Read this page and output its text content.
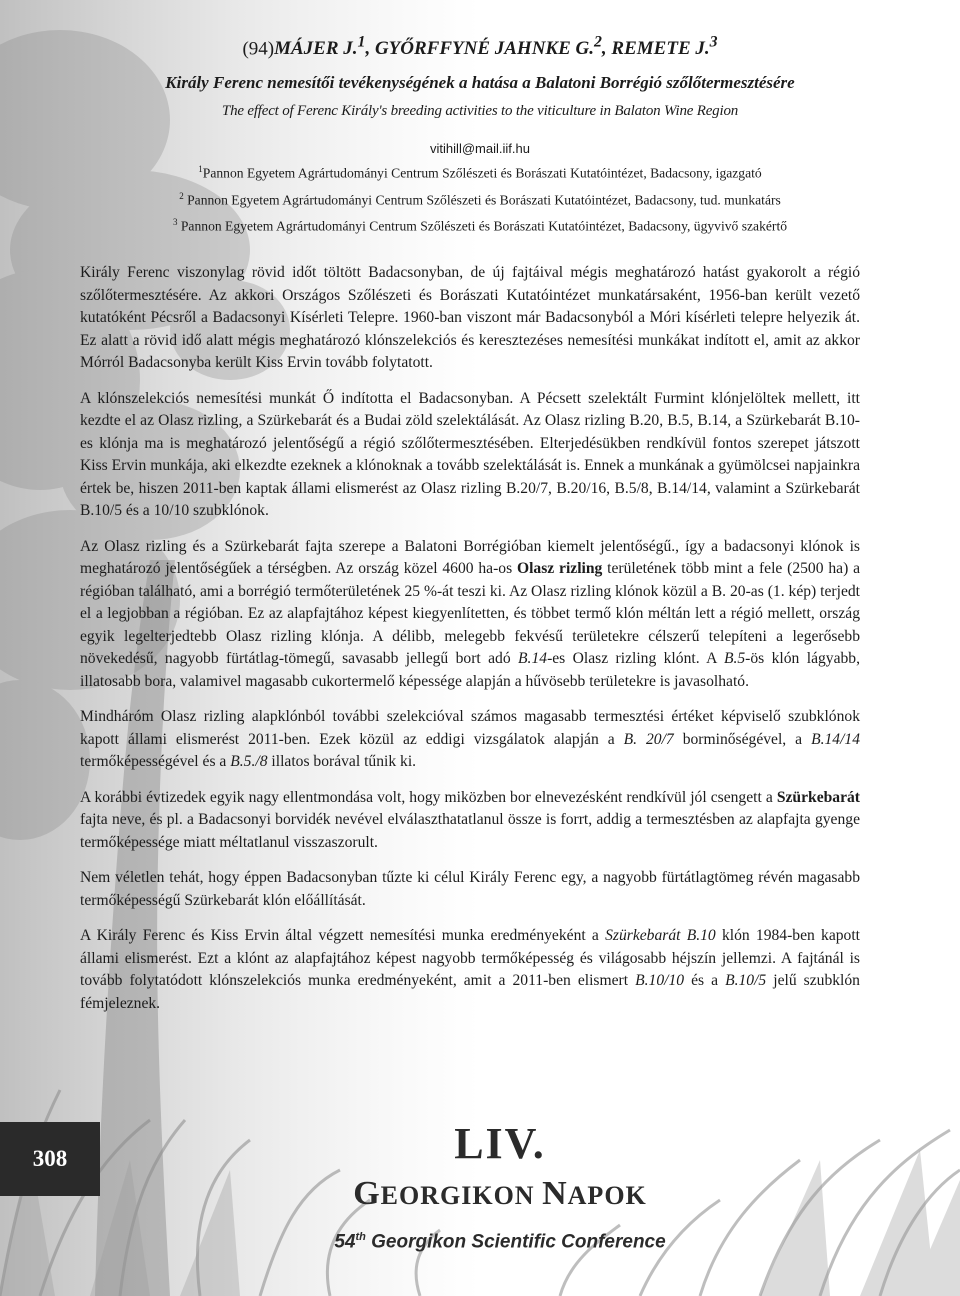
(94)MÁJER J.$^1$, GYŐRFFYNÉ JAHNKE G.$^2$, REMETE J.$^3$
Király Ferenc nemesítői tevékenységének a hatása a Balatoni Borrégió szőlőtermesztésére
The effect of Ferenc Király's breeding activities to the viticulture in Balaton Wine Region
vitihill@mail.iif.hu
$^1$Pannon Egyetem Agrártudományi Centrum Szőlészeti és Borászati Kutatóintézet, Badacsony, igazgató
$^2$ Pannon Egyetem Agrártudományi Centrum Szőlészeti és Borászati Kutatóintézet, Badacsony, tud. munkatárs
$^3$ Pannon Egyetem Agrártudományi Centrum Szőlészeti és Borászati Kutatóintézet, Badacsony, ügyvivő szakértő

Király Ferenc viszonylag rövid időt töltött Badacsonyban, de új fajtáival mégis meghatározó hatást gyakorolt a régió szőlőtermesztésére. Az akkori Országos Szőlészeti és Borászati Kutatóintézet munkatársaként, 1956-ban került vezető kutatóként Pécsről a Badacsonyi Kísérleti Telepre. 1960-ban viszont már Badacsonyból a Móri kísérleti telepre helyezik át. Ez alatt a rövid idő alatt mégis meghatározó klónszelekciós és keresztezéses nemesítési munkákat indított el, amit az akkor Mórról Badacsonyba került Kiss Ervin tovább folytatott.

A klónszelekciós nemesítési munkát Ő indította el Badacsonyban. A Pécsett szelektált Furmint klónjelöltek mellett, itt kezdte el az Olasz rizling, a Szürkebarát és a Budai zöld szelektálását. Az Olasz rizling B.20, B.5, B.14, a Szürkebarát B.10-es klónja ma is meghatározó jelentőségű a régió szőlőtermesztésében. Elterjedésükben rendkívül fontos szerepet játszott Kiss Ervin munkája, aki elkezdte ezeknek a klónoknak a tovább szelektálását is. Ennek a munkának a gyümölcsei napjainkra értek be, hiszen 2011-ben kaptak állami elismerést az Olasz rizling B.20/7, B.20/16, B.5/8, B.14/14, valamint a Szürkebarát B.10/5 és a 10/10 szubklónok.

Az Olasz rizling és a Szürkebarát fajta szerepe a Balatoni Borrégióban kiemelt jelentőségű., így a badacsonyi klónok is meghatározó jelentőségűek a térségben. Az ország közel 4600 ha-os Olasz rizling területének több mint a fele (2500 ha) a régióban található, ami a borrégió termőterületének 25 %-át teszi ki. Az Olasz rizling klónok közül a B. 20-as (1. kép) terjedt el a legjobban a régióban. Ez az alapfajtához képest kiegyenlítetten, és többet termő klón méltán lett a régió mellett, ország egyik legelterjedtebb Olasz rizling klónja. A délibb, melegebb fekvésű területekre célszerű telepíteni a legerősebb növekedésű, nagyobb fürtátlag-tömegű, savasabb jellegű bort adó B.14-es Olasz rizling klónt. A B.5-ös klón lágyabb, illatosabb bora, valamivel magasabb cukortermelő képessége alapján a hűvösebb területekre is javasolható.

Mindháróm Olasz rizling alapklónból további szelekcióval számos magasabb termesztési értéket képviselő szubklónok kapott állami elismerést 2011-ben. Ezek közül az eddigi vizsgálatok alapján a B. 20/7 borminőségével, a B.14/14 termőképességével és a B.5./8 illatos borával tűnik ki.

A korábbi évtizedek egyik nagy ellentmondása volt, hogy miközben bor elnevezésként rendkívül jól csengett a Szürkebarát fajta neve, és pl. a Badacsonyi borvidék nevével elválaszthatatlanul össze is forrt, addig a termesztésben az alapfajta gyenge termőképessége miatt méltatlanul visszaszorult.

Nem véletlen tehát, hogy éppen Badacsonyban tűzte ki célul Király Ferenc egy, a nagyobb fürtátlagtömeg révén magasabb termőképességű Szürkebarát klón előállítását.

A Király Ferenc és Kiss Ervin által végzett nemesítési munka eredményeként a Szürkebarát B.10 klón 1984-ben kapott állami elismerést. Ezt a klónt az alapfajtához képest nagyobb termőképesség és világosabb héjszín jellemzi. A fajtánál is tovább folytatódott klónszelekciós munka eredményeként, amit a 2011-ben elismert B.10/10 és a B.10/5 jelű szubklón fémjeleznek.

308	LIV.
GEORGIKON NAPOK
54th Georgikon Scientific Conference
